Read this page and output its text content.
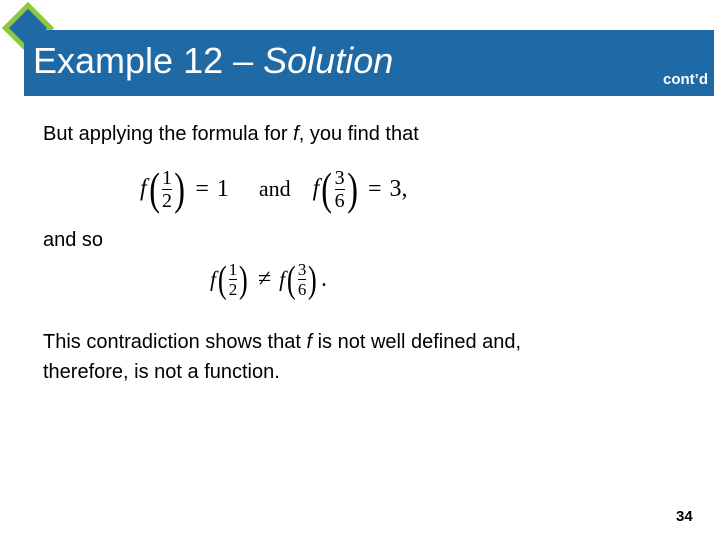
Example 12 – Solution	cont’d
But applying the formula for f, you find that
$f( \frac{1}{2}$ ) = 1 and $f( \frac{3}{6}$ ) = 3,
and so
$f( \frac{1}{2}$ ) ≠ $f( \frac{3}{6}$ ) .
This contradiction shows that f is not well defined and,
therefore, is not a function.
34
